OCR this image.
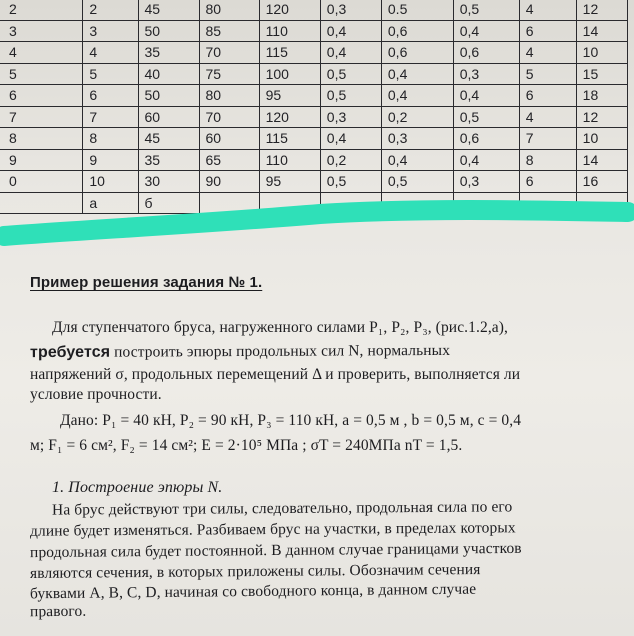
2	2	45	80	120	0,3	0.5	0,5	4	12
3	3	50	85	110	0,4	0,6	0,4	6	14
4	4	35	70	115	0,4	0,6	0,6	4	10
5	5	40	75	100	0,5	0,4	0,3	5	15
6	6	50	80	95	0,5	0,4	0,4	6	18
7	7	60	70	120	0,3	0,2	0,5	4	12
8	8	45	60	115	0,4	0,3	0,6	7	10
9	9	35	65	110	0,2	0,4	0,4	8	14
0	10	30	90	95	0,5	0,5	0,3	6	16
	а	б							
Пример решения задания № 1.
Для ступенчатого бруса, нагруженного силами P₁, P₂, P₃, (рис.1.2,а),
требуется построить эпюры продольных сил N, нормальных
напряжений σ, продольных перемещений Δ и проверить, выполняется ли
условие прочности.
Дано: P₁ = 40 кН, P₂ = 90 кН, P₃ = 110 кН, a = 0,5 м , b = 0,5 м, c = 0,4
м; F₁ = 6 см², F₂ = 14 см²; E = 2·10⁵ МПа ; σT = 240МПа nT = 1,5.
1. Построение эпюры N.
На брус действуют три силы, следовательно, продольная сила по его
длине будет изменяться. Разбиваем брус на участки, в пределах которых
продольная сила будет постоянной. В данном случае границами участков
являются сечения, в которых приложены силы. Обозначим сечения
буквами A, B, C, D, начиная со свободного конца, в данном случае
правого.
